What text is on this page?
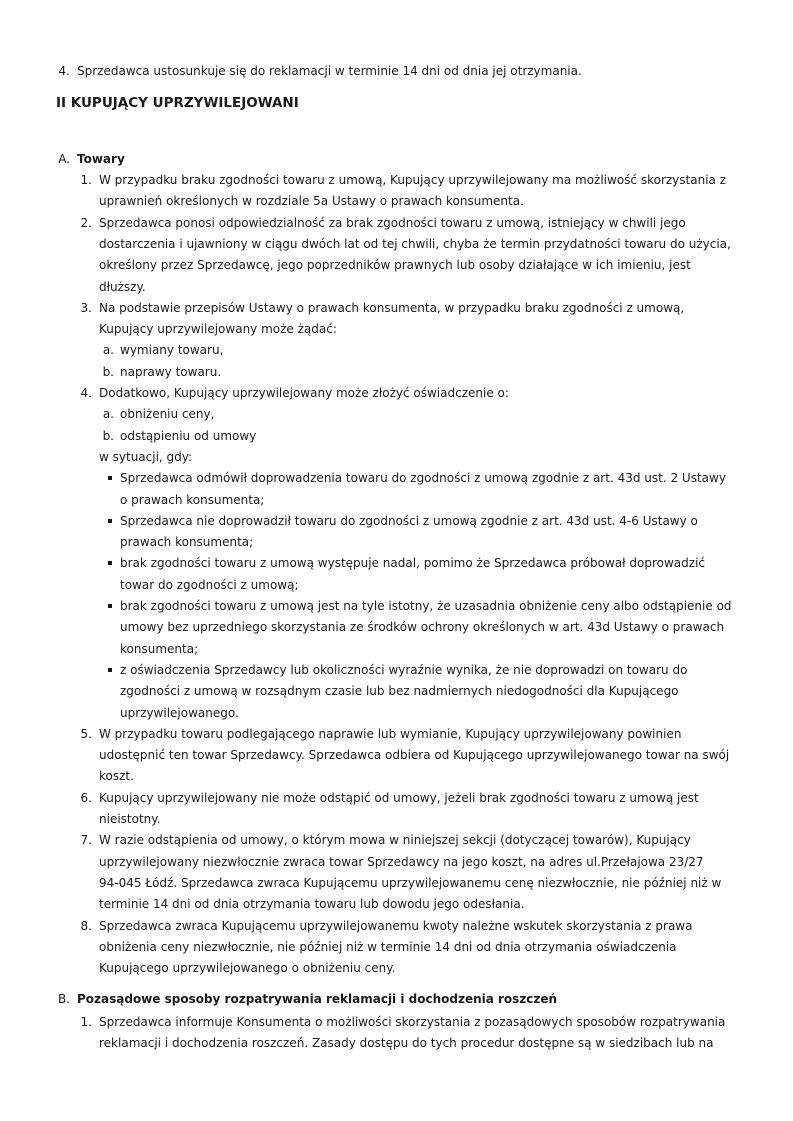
4. Sprzedawca ustosunkuje się do reklamacji w terminie 14 dni od dnia jej otrzymania.
II KUPUJĄCY UPRZYWILEJOWANI
A. Towary
1. W przypadku braku zgodności towaru z umową, Kupujący uprzywilejowany ma możliwość skorzystania z
uprawnień określonych w rozdziale 5a Ustawy o prawach konsumenta.
2. Sprzedawca ponosi odpowiedzialność za brak zgodności towaru z umową, istniejący w chwili jego
dostarczenia i ujawniony w ciągu dwóch lat od tej chwili, chyba że termin przydatności towaru do użycia,
określony przez Sprzedawcę, jego poprzedników prawnych lub osoby działające w ich imieniu, jest
dłuższy.
3. Na podstawie przepisów Ustawy o prawach konsumenta, w przypadku braku zgodności z umową,
Kupujący uprzywilejowany może żądać:
a. wymiany towaru,
b. naprawy towaru.
4. Dodatkowo, Kupujący uprzywilejowany może złożyć oświadczenie o:
a. obniżeniu ceny,
b. odstąpieniu od umowy
w sytuacji, gdy:
Sprzedawca odmówił doprowadzenia towaru do zgodności z umową zgodnie z art. 43d ust. 2 Ustawy
o prawach konsumenta;
Sprzedawca nie doprowadził towaru do zgodności z umową zgodnie z art. 43d ust. 4-6 Ustawy o
prawach konsumenta;
brak zgodności towaru z umową występuje nadal, pomimo że Sprzedawca próbował doprowadzić
towar do zgodności z umową;
brak zgodności towaru z umową jest na tyle istotny, że uzasadnia obniżenie ceny albo odstąpienie od
umowy bez uprzedniego skorzystania ze środków ochrony określonych w art. 43d Ustawy o prawach
konsumenta;
z oświadczenia Sprzedawcy lub okoliczności wyraźnie wynika, że nie doprowadzi on towaru do
zgodności z umową w rozsądnym czasie lub bez nadmiernych niedogodności dla Kupującego
uprzywilejowanego.
5. W przypadku towaru podlegającego naprawie lub wymianie, Kupujący uprzywilejowany powinien
udostępnić ten towar Sprzedawcy. Sprzedawca odbiera od Kupującego uprzywilejowanego towar na swój
koszt.
6. Kupujący uprzywilejowany nie może odstąpić od umowy, jeżeli brak zgodności towaru z umową jest
nieistotny.
7. W razie odstąpienia od umowy, o którym mowa w niniejszej sekcji (dotyczącej towarów), Kupujący
uprzywilejowany niezwłocznie zwraca towar Sprzedawcy na jego koszt, na adres ul.Przełajowa 23/27
94-045 Łódź. Sprzedawca zwraca Kupującemu uprzywilejowanemu cenę niezwłocznie, nie później niż w
terminie 14 dni od dnia otrzymania towaru lub dowodu jego odesłania.
8. Sprzedawca zwraca Kupującemu uprzywilejowanemu kwoty należne wskutek skorzystania z prawa
obniżenia ceny niezwłocznie, nie później niż w terminie 14 dni od dnia otrzymania oświadczenia
Kupującego uprzywilejowanego o obniżeniu ceny.
B. Pozasądowe sposoby rozpatrywania reklamacji i dochodzenia roszczeń
1. Sprzedawca informuje Konsumenta o możliwości skorzystania z pozasądowych sposobów rozpatrywania
reklamacji i dochodzenia roszczeń. Zasady dostępu do tych procedur dostępne są w siedzibach lub na
